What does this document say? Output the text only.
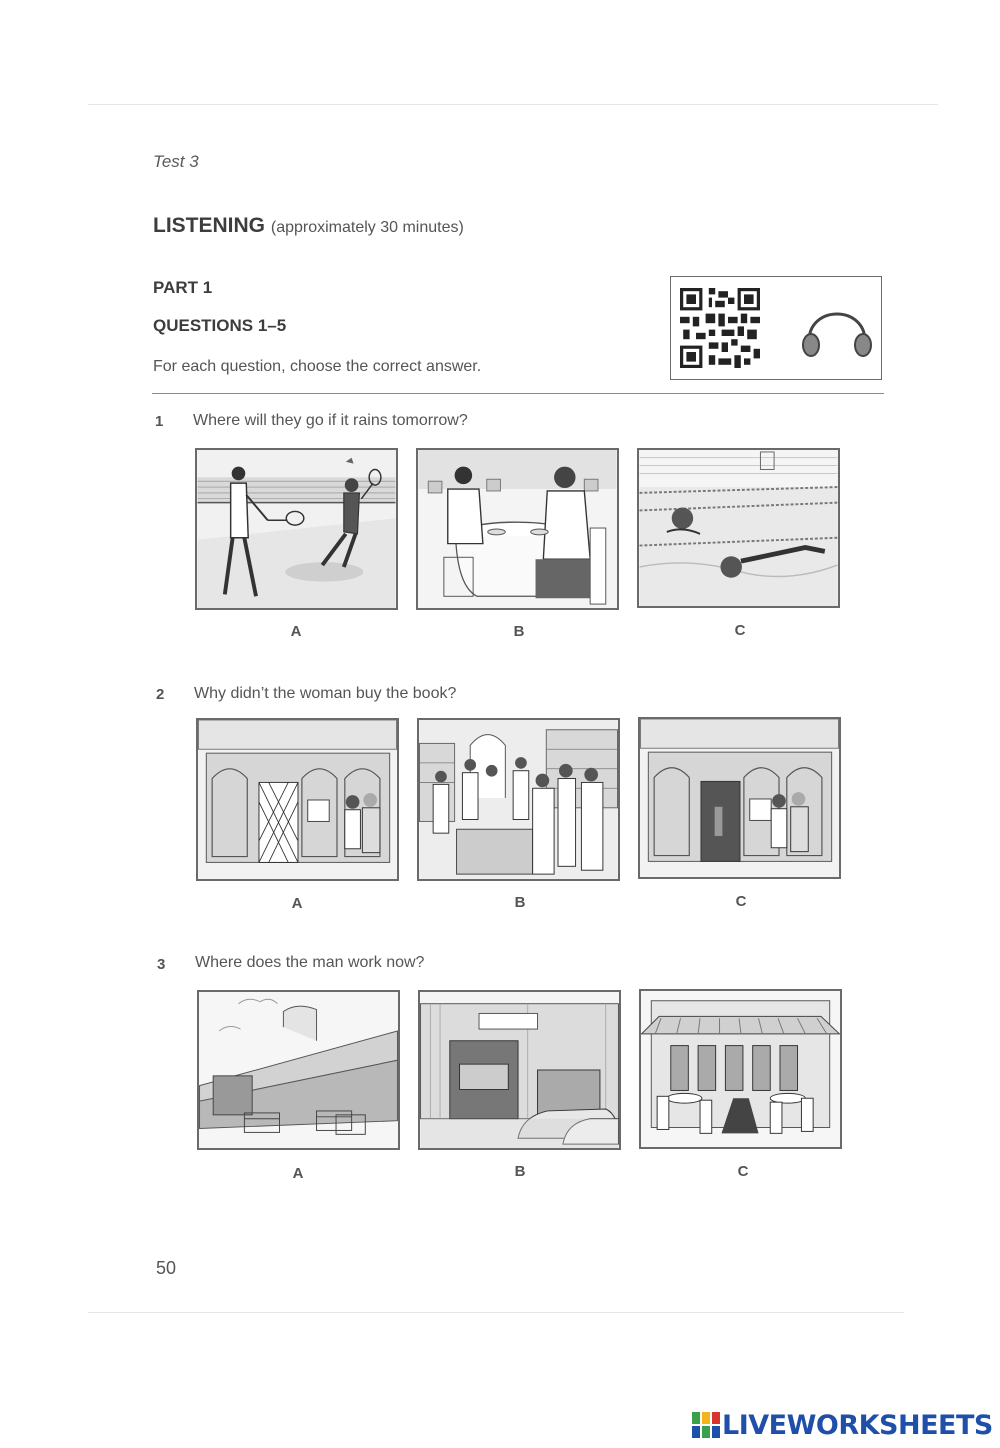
Test 3
LISTENING (approximately 30 minutes)
PART 1
QUESTIONS 1–5
For each question, choose the correct answer.
1 Where will they go if it rains tomorrow?
A	B	C
2 Why didn’t the woman buy the book?
A	B	C
3 Where does the man work now?
A	B	C
50
LIVEWORKSHEETS
